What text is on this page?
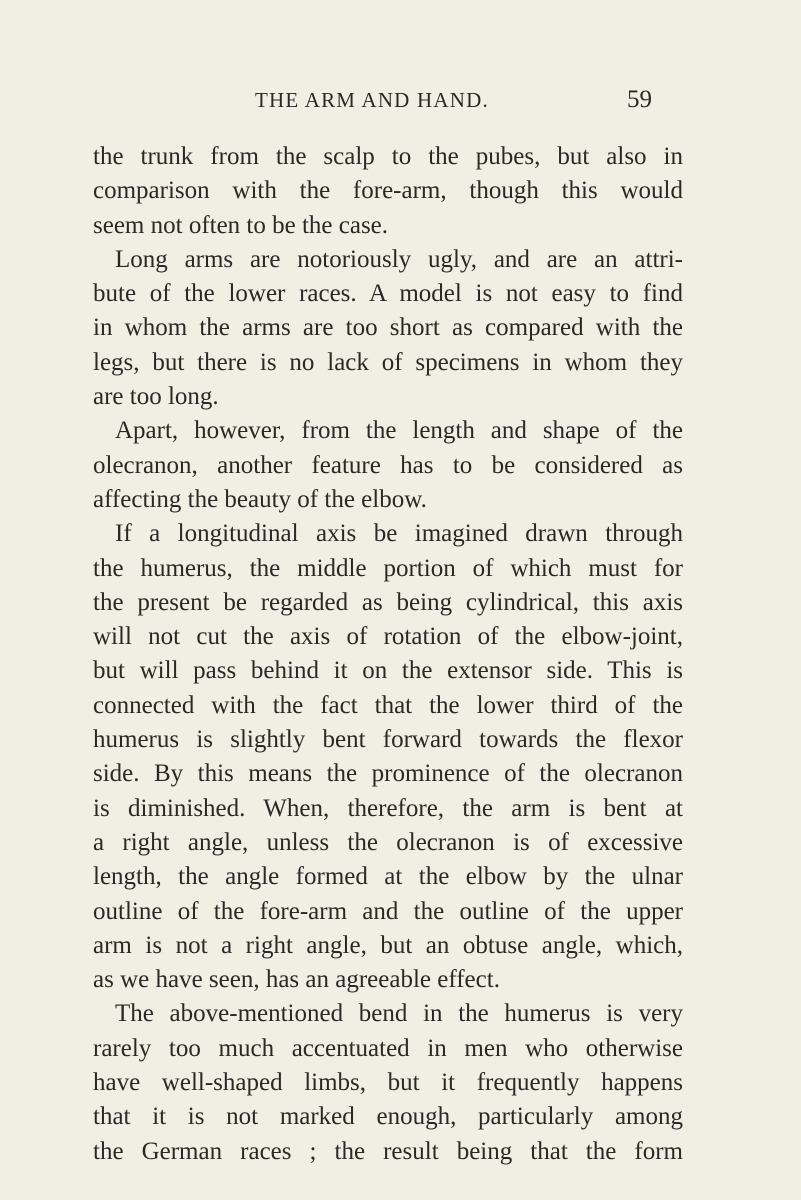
THE ARM AND HAND.	59
the trunk from the scalp to the pubes, but also in
comparison with the fore-arm, though this would
seem not often to be the case.
Long arms are notoriously ugly, and are an attri-
bute of the lower races. A model is not easy to find
in whom the arms are too short as compared with the
legs, but there is no lack of specimens in whom they
are too long.
Apart, however, from the length and shape of the
olecranon, another feature has to be considered as
affecting the beauty of the elbow.
If a longitudinal axis be imagined drawn through
the humerus, the middle portion of which must for
the present be regarded as being cylindrical, this axis
will not cut the axis of rotation of the elbow-joint,
but will pass behind it on the extensor side. This is
connected with the fact that the lower third of the
humerus is slightly bent forward towards the flexor
side. By this means the prominence of the olecranon
is diminished. When, therefore, the arm is bent at
a right angle, unless the olecranon is of excessive
length, the angle formed at the elbow by the ulnar
outline of the fore-arm and the outline of the upper
arm is not a right angle, but an obtuse angle, which,
as we have seen, has an agreeable effect.
The above-mentioned bend in the humerus is very
rarely too much accentuated in men who otherwise
have well-shaped limbs, but it frequently happens
that it is not marked enough, particularly among
the German races ; the result being that the form
